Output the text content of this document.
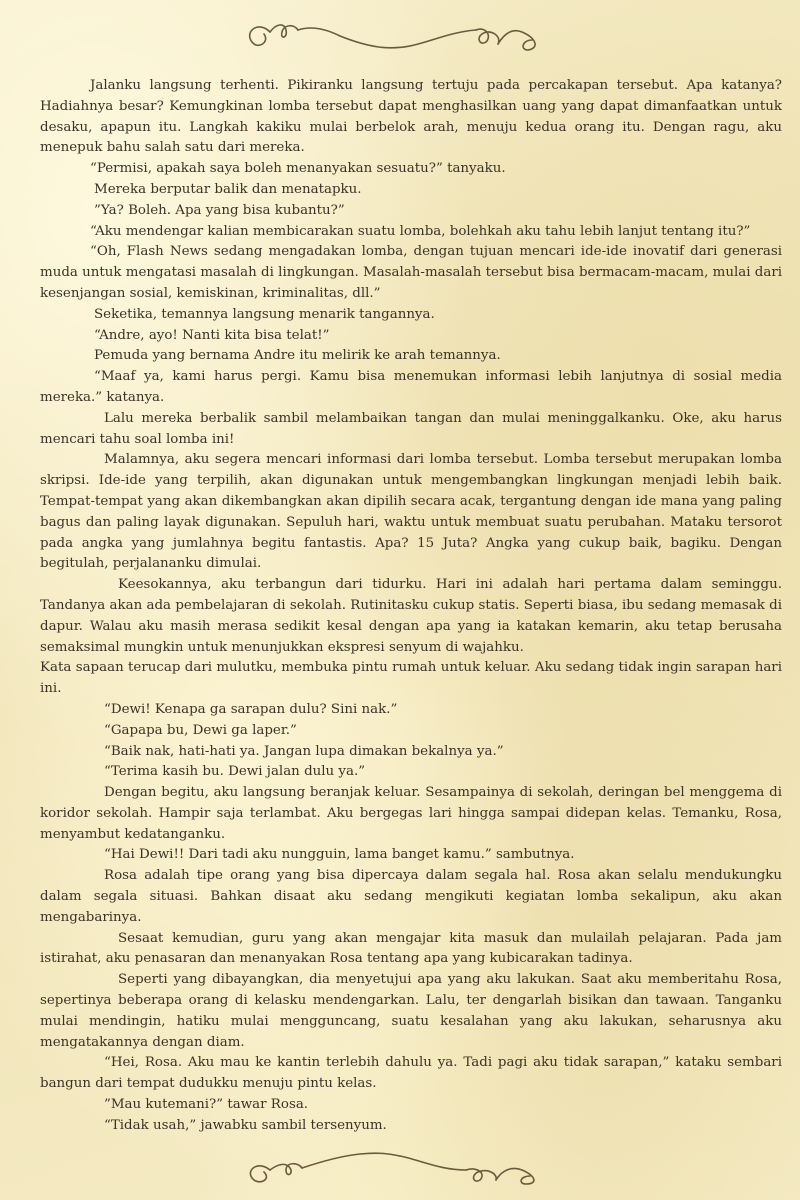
Jalanku langsung terhenti. Pikiranku langsung tertuju pada percakapan tersebut. Apa katanya? Hadiahnya besar? Kemungkinan lomba tersebut dapat menghasilkan uang yang dapat dimanfaatkan untuk desaku, apapun itu. Langkah kakiku mulai berbelok arah, menuju kedua orang itu. Dengan ragu, aku menepuk bahu salah satu dari mereka.

“Permisi, apakah saya boleh menanyakan sesuatu?” tanyaku.

Mereka berputar balik dan menatapku.

”Ya? Boleh. Apa yang bisa kubantu?”

“Aku mendengar kalian membicarakan suatu lomba, bolehkah aku tahu lebih lanjut tentang itu?”

“Oh, Flash News sedang mengadakan lomba, dengan tujuan mencari ide-ide inovatif dari generasi muda untuk mengatasi masalah di lingkungan. Masalah-masalah tersebut bisa bermacam-macam, mulai dari kesenjangan sosial, kemiskinan, kriminalitas, dll.”

Seketika, temannya langsung menarik tangannya.

“Andre, ayo! Nanti kita bisa telat!”

Pemuda yang bernama Andre itu melirik ke arah temannya.

“Maaf ya, kami harus pergi. Kamu bisa menemukan informasi lebih lanjutnya di sosial media mereka.” katanya.

Lalu mereka berbalik sambil melambaikan tangan dan mulai meninggalkanku. Oke, aku harus mencari tahu soal lomba ini!

Malamnya, aku segera mencari informasi dari lomba tersebut. Lomba tersebut merupakan lomba skripsi. Ide-ide yang terpilih, akan digunakan untuk mengembangkan lingkungan menjadi lebih baik. Tempat-tempat yang akan dikembangkan akan dipilih secara acak, tergantung dengan ide mana yang paling bagus dan paling layak digunakan. Sepuluh hari, waktu untuk membuat suatu perubahan. Mataku tersorot pada angka yang jumlahnya begitu fantastis. Apa? 15 Juta? Angka yang cukup baik, bagiku. Dengan begitulah, perjalananku dimulai.

Keesokannya, aku terbangun dari tidurku. Hari ini adalah hari pertama dalam seminggu. Tandanya akan ada pembelajaran di sekolah. Rutinitasku cukup statis. Seperti biasa, ibu sedang memasak di dapur. Walau aku masih merasa sedikit kesal dengan apa yang ia katakan kemarin, aku tetap berusaha semaksimal mungkin untuk menunjukkan ekspresi senyum di wajahku.

Kata sapaan terucap dari mulutku, membuka pintu rumah untuk keluar. Aku sedang tidak ingin sarapan hari ini.

“Dewi! Kenapa ga sarapan dulu? Sini nak.”

“Gapapa bu, Dewi ga laper.”

“Baik nak, hati-hati ya. Jangan lupa dimakan bekalnya ya.”

“Terima kasih bu. Dewi jalan dulu ya.”

Dengan begitu, aku langsung beranjak keluar. Sesampainya di sekolah, deringan bel menggema di koridor sekolah. Hampir saja terlambat. Aku bergegas lari hingga sampai didepan kelas. Temanku, Rosa, menyambut kedatanganku.

“Hai Dewi!! Dari tadi aku nungguin, lama banget kamu.” sambutnya.

Rosa adalah tipe orang yang bisa dipercaya dalam segala hal. Rosa akan selalu mendukungku dalam segala situasi. Bahkan disaat aku sedang mengikuti kegiatan lomba sekalipun, aku akan mengabarinya.

Sesaat kemudian, guru yang akan mengajar kita masuk dan mulailah pelajaran. Pada jam istirahat, aku penasaran dan menanyakan Rosa tentang apa yang kubicarakan tadinya.

Seperti yang dibayangkan, dia menyetujui apa yang aku lakukan. Saat aku memberitahu Rosa, sepertinya beberapa orang di kelasku mendengarkan. Lalu, ter dengarlah bisikan dan tawaan. Tanganku mulai mendingin, hatiku mulai mengguncang, suatu kesalahan yang aku lakukan, seharusnya aku mengatakannya dengan diam.

“Hei, Rosa. Aku mau ke kantin terlebih dahulu ya. Tadi pagi aku tidak sarapan,” kataku sembari bangun dari tempat dudukku menuju pintu kelas.

”Mau kutemani?” tawar Rosa.

“Tidak usah,” jawabku sambil tersenyum.
